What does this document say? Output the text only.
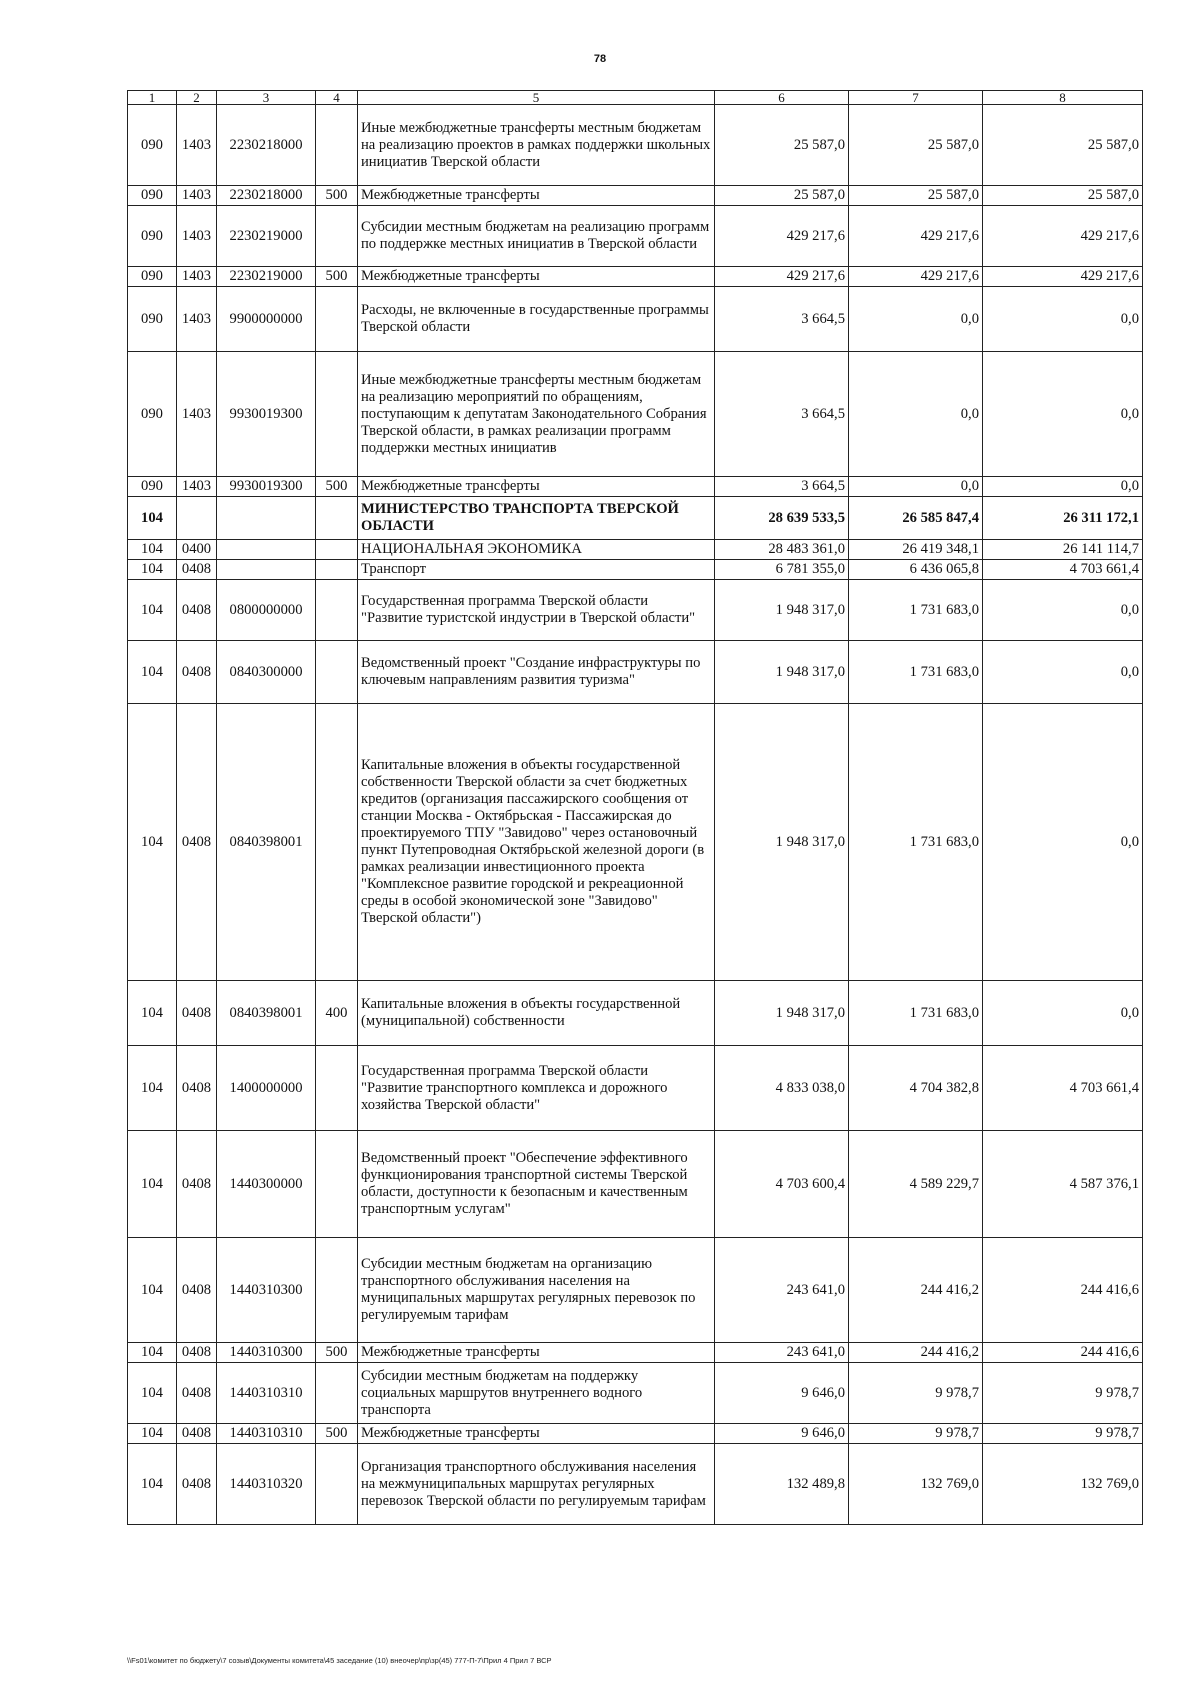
78
1	2	3	4	5	6	7	8
090	1403	2230218000		Иные межбюджетные трансферты местным бюджетам на реализацию проектов в рамках поддержки школьных инициатив Тверской области	25 587,0	25 587,0	25 587,0
090	1403	2230218000	500	Межбюджетные трансферты	25 587,0	25 587,0	25 587,0
090	1403	2230219000		Субсидии местным бюджетам на реализацию программ по поддержке местных инициатив в Тверской области	429 217,6	429 217,6	429 217,6
090	1403	2230219000	500	Межбюджетные трансферты	429 217,6	429 217,6	429 217,6
090	1403	9900000000		Расходы, не включенные в государственные программы Тверской области	3 664,5	0,0	0,0
090	1403	9930019300		Иные межбюджетные трансферты местным бюджетам на реализацию мероприятий по обращениям, поступающим к депутатам Законодательного Собрания Тверской области, в рамках реализации программ поддержки местных инициатив	3 664,5	0,0	0,0
090	1403	9930019300	500	Межбюджетные трансферты	3 664,5	0,0	0,0
104				МИНИСТЕРСТВО ТРАНСПОРТА ТВЕРСКОЙ ОБЛАСТИ	28 639 533,5	26 585 847,4	26 311 172,1
104	0400			НАЦИОНАЛЬНАЯ ЭКОНОМИКА	28 483 361,0	26 419 348,1	26 141 114,7
104	0408			Транспорт	6 781 355,0	6 436 065,8	4 703 661,4
104	0408	0800000000		Государственная программа Тверской области "Развитие туристской индустрии в Тверской области"	1 948 317,0	1 731 683,0	0,0
104	0408	0840300000		Ведомственный проект "Создание инфраструктуры по ключевым направлениям развития туризма"	1 948 317,0	1 731 683,0	0,0
104	0408	0840398001		Капитальные вложения в объекты государственной собственности Тверской области за счет бюджетных кредитов (организация пассажирского сообщения от станции Москва - Октябрьская - Пассажирская до проектируемого ТПУ "Завидово" через остановочный пункт Путепроводная Октябрьской железной дороги (в рамках реализации инвестиционного проекта "Комплексное развитие городской и рекреационной среды в особой экономической зоне "Завидово" Тверской области")	1 948 317,0	1 731 683,0	0,0
104	0408	0840398001	400	Капитальные вложения в объекты государственной (муниципальной) собственности	1 948 317,0	1 731 683,0	0,0
104	0408	1400000000		Государственная программа Тверской области "Развитие транспортного комплекса и дорожного хозяйства Тверской области"	4 833 038,0	4 704 382,8	4 703 661,4
104	0408	1440300000		Ведомственный проект "Обеспечение эффективного функционирования транспортной системы Тверской области, доступности к безопасным и качественным транспортным услугам"	4 703 600,4	4 589 229,7	4 587 376,1
104	0408	1440310300		Субсидии местным бюджетам на организацию транспортного обслуживания населения на муниципальных маршрутах регулярных перевозок по регулируемым тарифам	243 641,0	244 416,2	244 416,6
104	0408	1440310300	500	Межбюджетные трансферты	243 641,0	244 416,2	244 416,6
104	0408	1440310310		Субсидии местным бюджетам на поддержку социальных маршрутов внутреннего водного транспорта	9 646,0	9 978,7	9 978,7
104	0408	1440310310	500	Межбюджетные трансферты	9 646,0	9 978,7	9 978,7
104	0408	1440310320		Организация транспортного обслуживания населения на межмуниципальных маршрутах регулярных перевозок Тверской области по регулируемым тарифам	132 489,8	132 769,0	132 769,0
\\Fs01\комитет по бюджету\7 созыв\Документы комитета\45 заседание (10) внеочер\пр\зр(45) 777-П-7\Прил 4 Прил 7 ВСР
